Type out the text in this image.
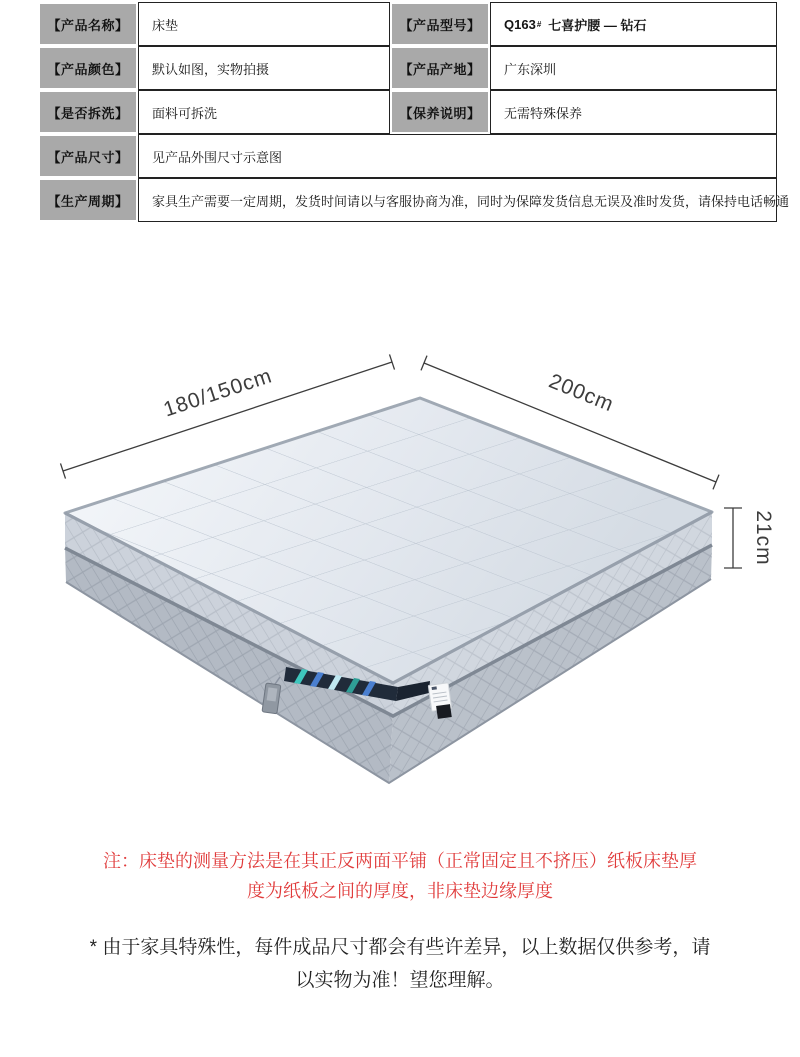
【产品名称】	床垫	【产品型号】	Q163 # 七喜护腰 — 钻石
【产品颜色】	默认如图，实物拍摄	【产品产地】	广东深圳
【是否拆洗】	面料可拆洗	【保养说明】	无需特殊保养
【产品尺寸】	见产品外围尺寸示意图
【生产周期】	家具生产需要一定周期，发货时间请以与客服协商为准，同时为保障发货信息无误及准时发货，请保持电话畅通
180/150cm	200cm
21cm
注：床垫的测量方法是在其正反两面平铺（正常固定且不挤压）纸板床垫厚
度为纸板之间的厚度，非床垫边缘厚度
* 由于家具特殊性，每件成品尺寸都会有些许差异，以上数据仅供参考，请
以实物为准！望您理解。
